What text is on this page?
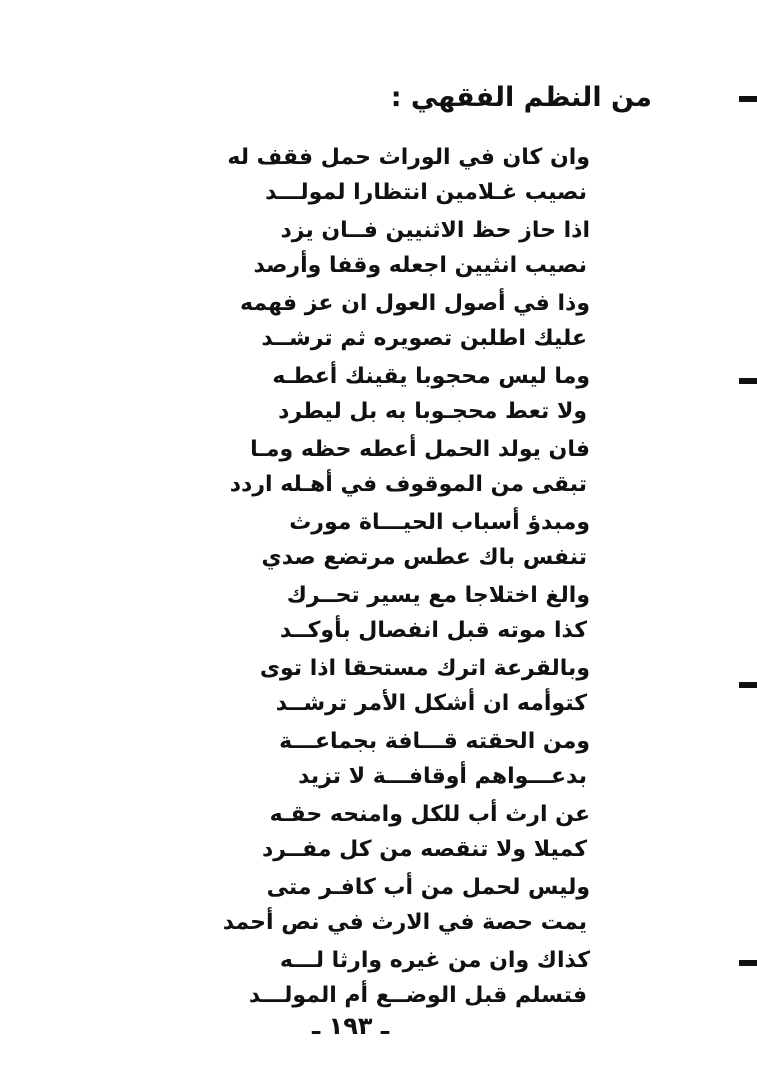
من النظم الفقهي :
وان كان في الوراث حمل فقف له
نصيب غـلامين انتظارا لمولـــد
اذا حاز حظ الاثنيين فــان يزد
نصيب انثيين اجعله وقفا وأرصد
وذا في أصول العول ان عز فهمه
عليك اطلبن تصويره ثم ترشــد
وما ليس محجوبا يقينك أعطـه
ولا تعط محجـوبا به بل ليطرد
فان يولد الحمل أعطه حظه ومـا
تبقى من الموقوف في أهـله اردد
ومبدؤ أسباب الحيـــاة مورث
تنفس باك عطس مرتضع صدي
والغ اختلاجا مع يسير تحــرك
كذا موته قبل انفصال بأوكــد
وبالقرعة اترك مستحقا اذا توى
كتوأمه ان أشكل الأمر ترشــد
ومن الحقته قـــافة بجماعـــة
بدعـــواهم أوقافـــة لا تزيد
عن ارث أب للكل وامنحه حقـه
كميلا ولا تنقصه من كل مفــرد
وليس لحمل من أب كافـر متى
يمت حصة في الارث في نص أحمد
كذاك وان من غيره وارثا لـــه
فتسلم قبل الوضــع أم المولـــد
ـ ١٩٣ ـ
